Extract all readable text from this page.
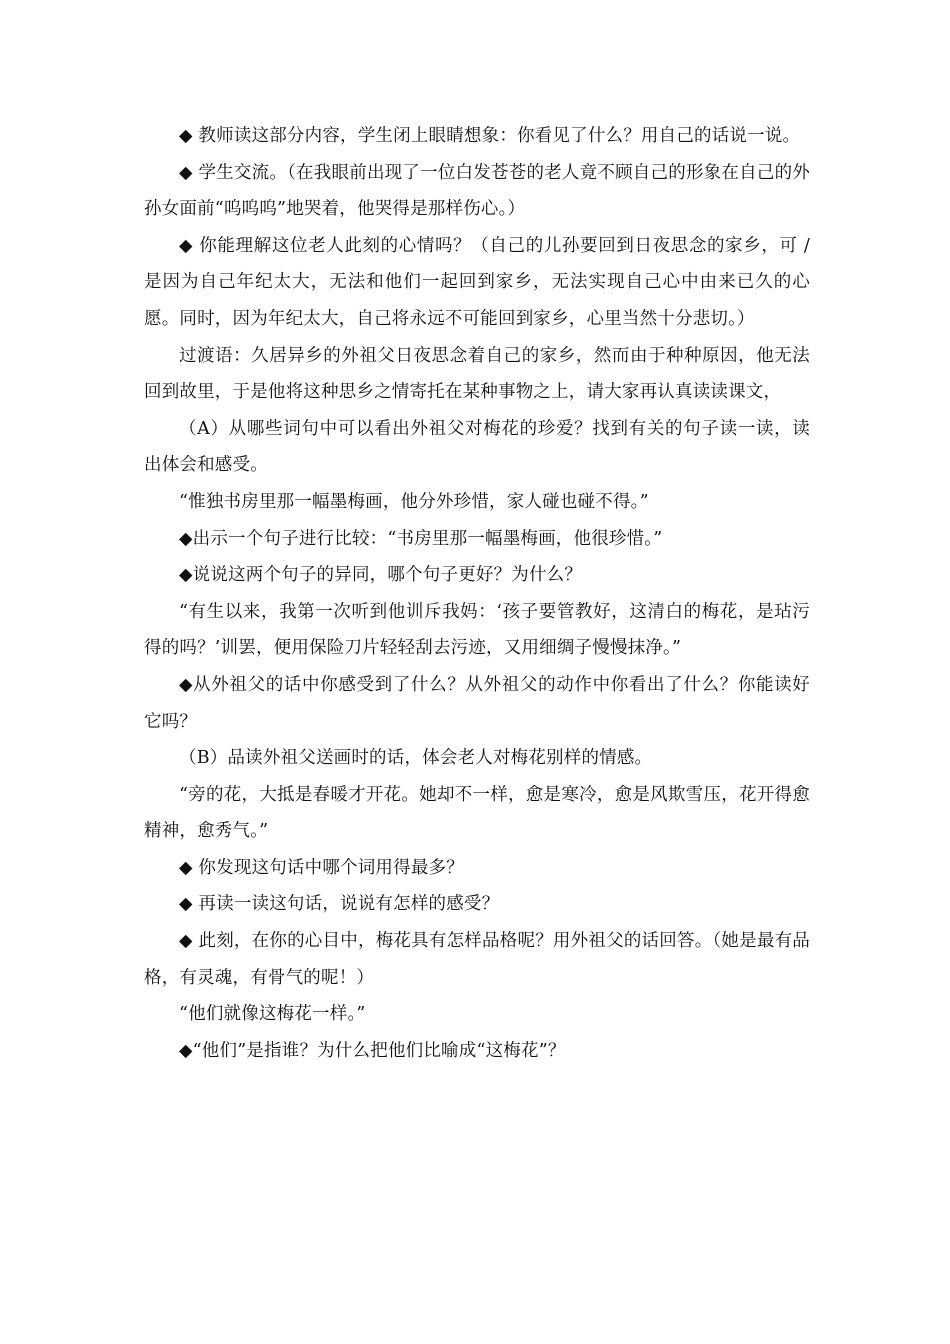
◆ 教师读这部分内容，学生闭上眼睛想象：你看见了什么？用自己的话说一说。

◆ 学生交流。（在我眼前出现了一位白发苍苍的老人竟不顾自己的形象在自己的外孙女面前“呜呜呜”地哭着，他哭得是那样伤心。）

◆ 你能理解这位老人此刻的心情吗？（自己的儿孙要回到日夜思念的家乡，可 / 是因为自己年纪太大，无法和他们一起回到家乡，无法实现自己心中由来已久的心愿。同时，因为年纪太大，自己将永远不可能回到家乡，心里当然十分悲切。）

过渡语：久居异乡的外祖父日夜思念着自己的家乡，然而由于种种原因，他无法回到故里，于是他将这种思乡之情寄托在某种事物之上，请大家再认真读读课文，

（A）从哪些词句中可以看出外祖父对梅花的珍爱？找到有关的句子读一读，读出体会和感受。

“惟独书房里那一幅墨梅画，他分外珍惜，家人碰也碰不得。”

◆出示一个句子进行比较：“书房里那一幅墨梅画，他很珍惜。”

◆说说这两个句子的异同，哪个句子更好？为什么？

“有生以来，我第一次听到他训斥我妈：‘孩子要管教好，这清白的梅花，是玷污得的吗？’训罢，便用保险刀片轻轻刮去污迹，又用细绸子慢慢抹净。”

◆从外祖父的话中你感受到了什么？从外祖父的动作中你看出了什么？你能读好它吗？

（B）品读外祖父送画时的话，体会老人对梅花别样的情感。

“旁的花，大抵是春暖才开花。她却不一样，愈是寒冷，愈是风欺雪压，花开得愈精神，愈秀气。”

◆ 你发现这句话中哪个词用得最多？

◆ 再读一读这句话，说说有怎样的感受？

◆ 此刻，在你的心目中，梅花具有怎样品格呢？用外祖父的话回答。（她是最有品格，有灵魂，有骨气的呢！）

“他们就像这梅花一样。”

◆“他们”是指谁？为什么把他们比喻成“这梅花”？
